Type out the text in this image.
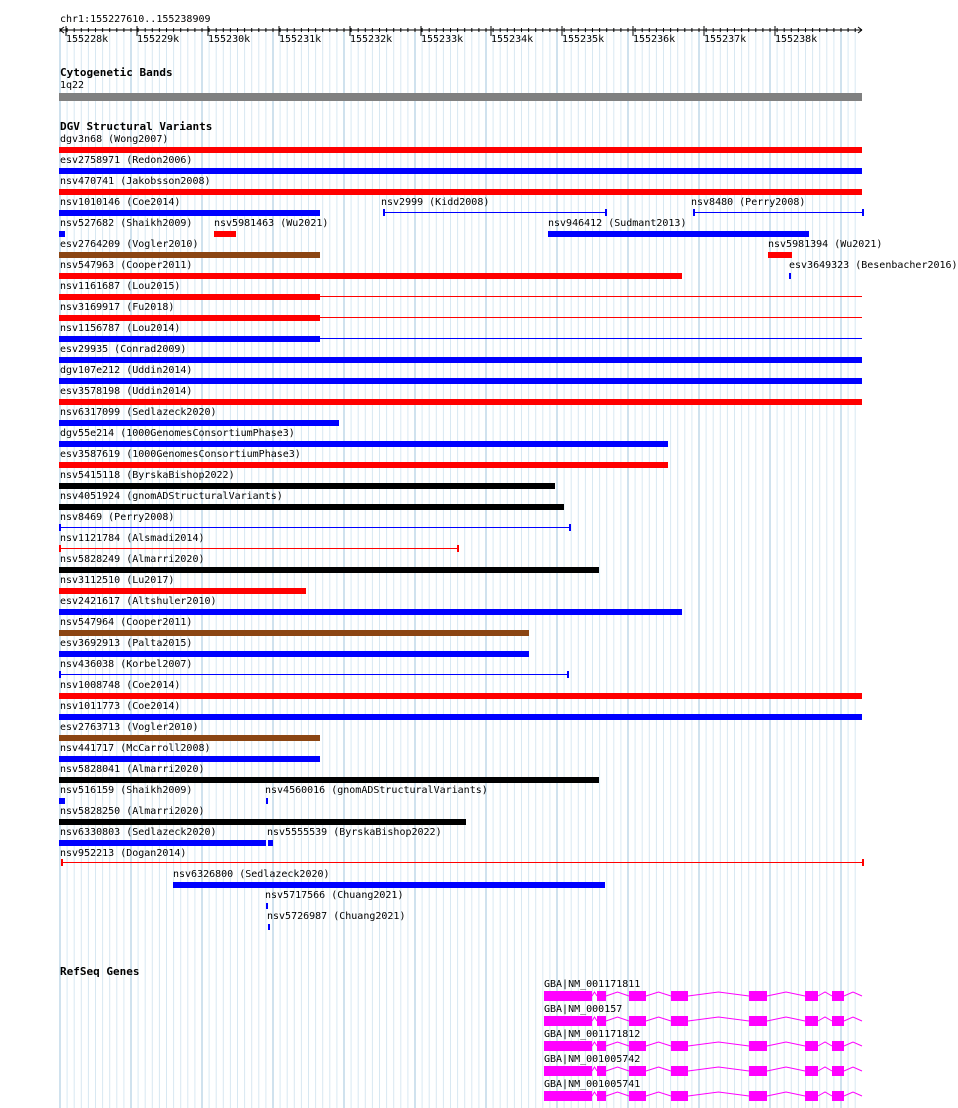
chr1:155227610..155238909
155228k	155229k	155230k	155231k	155232k	155233k	155234k	155235k	155236k	155237k	155238k
Cytogenetic Bands
1q22
DGV Structural Variants
dgv3n68 (Wong2007)
esv2758971 (Redon2006)
nsv470741 (Jakobsson2008)
nsv1010146 (Coe2014)	nsv2999 (Kidd2008)	nsv8480 (Perry2008)
nsv527682 (Shaikh2009) nsv5981463 (Wu2021)	nsv946412 (Sudmant2013)
esv2764209 (Vogler2010)	nsv5981394 (Wu2021)
nsv547963 (Cooper2011)	esv3649323 (Besenbacher2016)
nsv1161687 (Lou2015)
nsv3169917 (Fu2018)
nsv1156787 (Lou2014)
esv29935 (Conrad2009)
dgv107e212 (Uddin2014)
esv3578198 (Uddin2014)
nsv6317099 (Sedlazeck2020)
dgv55e214 (1000GenomesConsortiumPhase3)
esv3587619 (1000GenomesConsortiumPhase3)
nsv5415118 (ByrskaBishop2022)
nsv4051924 (gnomADStructuralVariants)
nsv8469 (Perry2008)
nsv1121784 (Alsmadi2014)
nsv5828249 (Almarri2020)
nsv3112510 (Lu2017)
esv2421617 (Altshuler2010)
nsv547964 (Cooper2011)
esv3692913 (Palta2015)
nsv436038 (Korbel2007)
nsv1008748 (Coe2014)
nsv1011773 (Coe2014)
esv2763713 (Vogler2010)
nsv441717 (McCarroll2008)
nsv5828041 (Almarri2020)
nsv516159 (Shaikh2009)	nsv4560016 (gnomADStructuralVariants)
nsv5828250 (Almarri2020)
nsv6330803 (Sedlazeck2020)	nsv5555539 (ByrskaBishop2022)
nsv952213 (Dogan2014)
nsv6326800 (Sedlazeck2020)
nsv5717566 (Chuang2021)
nsv5726987 (Chuang2021)
RefSeq Genes
GBA|NM_001171811
GBA|NM_000157
GBA|NM_001171812
GBA|NM_001005742
GBA|NM_001005741
